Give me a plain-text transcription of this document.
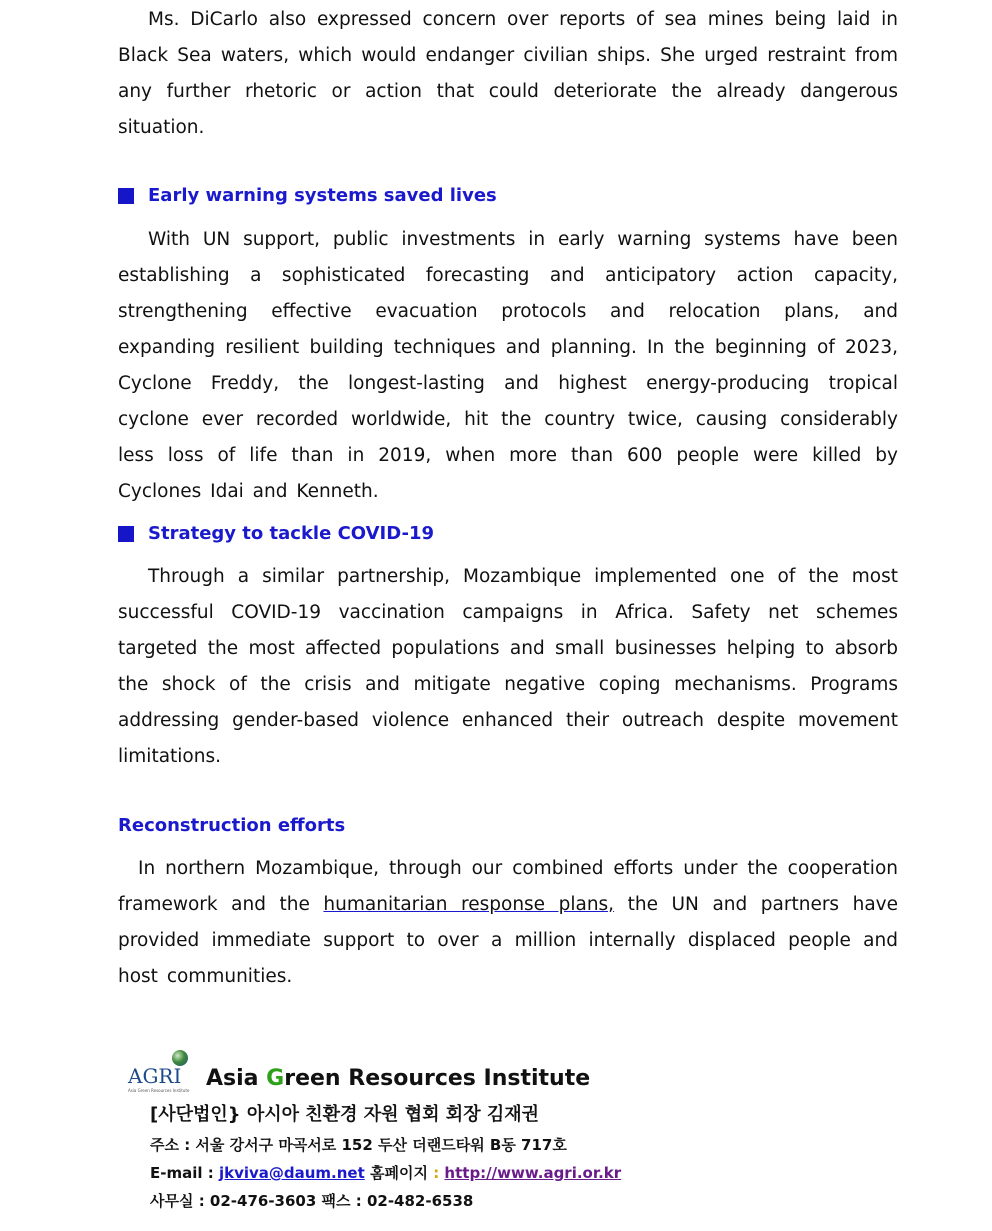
Ms. DiCarlo also expressed concern over reports of sea mines being laid in Black Sea waters, which would endanger civilian ships. She urged restraint from any further rhetoric or action that could deteriorate the already dangerous situation.

Early warning systems saved lives

With UN support, public investments in early warning systems have been establishing a sophisticated forecasting and anticipatory action capacity, strengthening effective evacuation protocols and relocation plans, and expanding resilient building techniques and planning. In the beginning of 2023, Cyclone Freddy, the longest-lasting and highest energy-producing tropical cyclone ever recorded worldwide, hit the country twice, causing considerably less loss of life than in 2019, when more than 600 people were killed by Cyclones Idai and Kenneth.

Strategy to tackle COVID-19

Through a similar partnership, Mozambique implemented one of the most successful COVID-19 vaccination campaigns in Africa. Safety net schemes targeted the most affected populations and small businesses helping to absorb the shock of the crisis and mitigate negative coping mechanisms. Programs addressing gender-based violence enhanced their outreach despite movement limitations.

Reconstruction efforts

In northern Mozambique, through our combined efforts under the cooperation framework and the humanitarian response plans, the UN and partners have provided immediate support to over a million internally displaced people and host communities.

AGRI
Asia Green Resources Institute Asia Green Resources Institute
[사단법인} 아시아 친환경 자원 협회 회장 김재권
주소 : 서울 강서구 마곡서로 152 두산 더랜드타워 B동 717호
E-mail : jkviva@daum.net 홈페이지 : http://www.agri.or.kr
사무실 : 02-476-3603 팩스 : 02-482-6538
